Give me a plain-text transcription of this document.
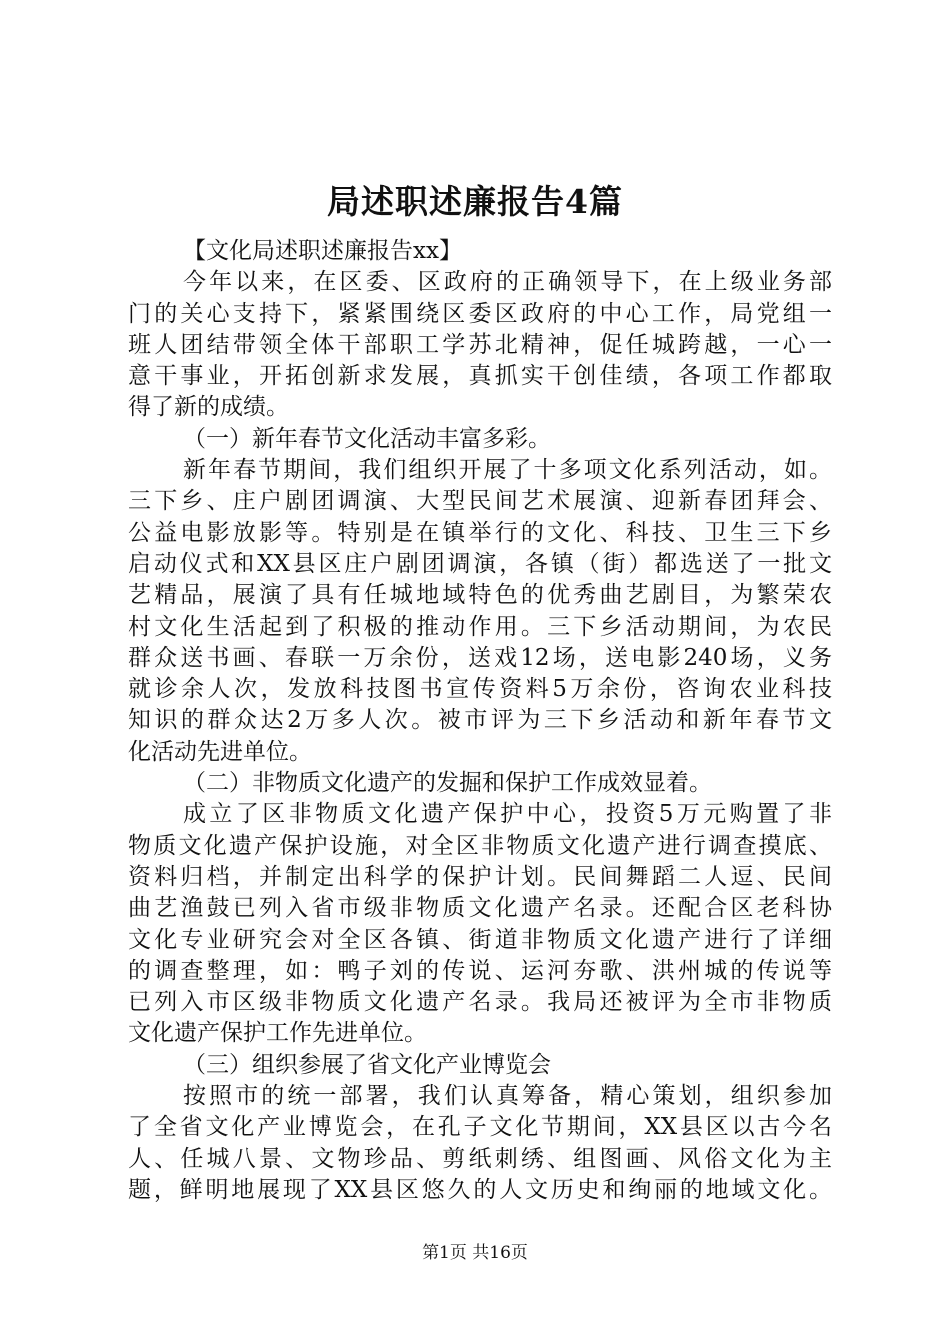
局述职述廉报告4篇
【文化局述职述廉报告xx】
今年以来，在区委、区政府的正确领导下，在上级业务部
门的关心支持下，紧紧围绕区委区政府的中心工作，局党组一
班人团结带领全体干部职工学苏北精神，促任城跨越，一心一
意干事业，开拓创新求发展，真抓实干创佳绩，各项工作都取
得了新的成绩。
（一）新年春节文化活动丰富多彩。
新年春节期间，我们组织开展了十多项文化系列活动，如。
三下乡、庄户剧团调演、大型民间艺术展演、迎新春团拜会、
公益电影放影等。特别是在镇举行的文化、科技、卫生三下乡
启动仪式和XX县区庄户剧团调演，各镇（街）都选送了一批文
艺精品，展演了具有任城地域特色的优秀曲艺剧目，为繁荣农
村文化生活起到了积极的推动作用。三下乡活动期间，为农民
群众送书画、春联一万余份，送戏12场，送电影240场，义务
就诊余人次，发放科技图书宣传资料5万余份，咨询农业科技
知识的群众达2万多人次。被市评为三下乡活动和新年春节文
化活动先进单位。
（二）非物质文化遗产的发掘和保护工作成效显着。
成立了区非物质文化遗产保护中心，投资5万元购置了非
物质文化遗产保护设施，对全区非物质文化遗产进行调查摸底、
资料归档，并制定出科学的保护计划。民间舞蹈二人逗、民间
曲艺渔鼓已列入省市级非物质文化遗产名录。还配合区老科协
文化专业研究会对全区各镇、街道非物质文化遗产进行了详细
的调查整理，如：鸭子刘的传说、运河夯歌、洪州城的传说等
已列入市区级非物质文化遗产名录。我局还被评为全市非物质
文化遗产保护工作先进单位。
（三）组织参展了省文化产业博览会
按照市的统一部署，我们认真筹备，精心策划，组织参加
了全省文化产业博览会，在孔子文化节期间，XX县区以古今名
人、任城八景、文物珍品、剪纸刺绣、组图画、风俗文化为主
题，鲜明地展现了XX县区悠久的人文历史和绚丽的地域文化。
第1页 共16页
